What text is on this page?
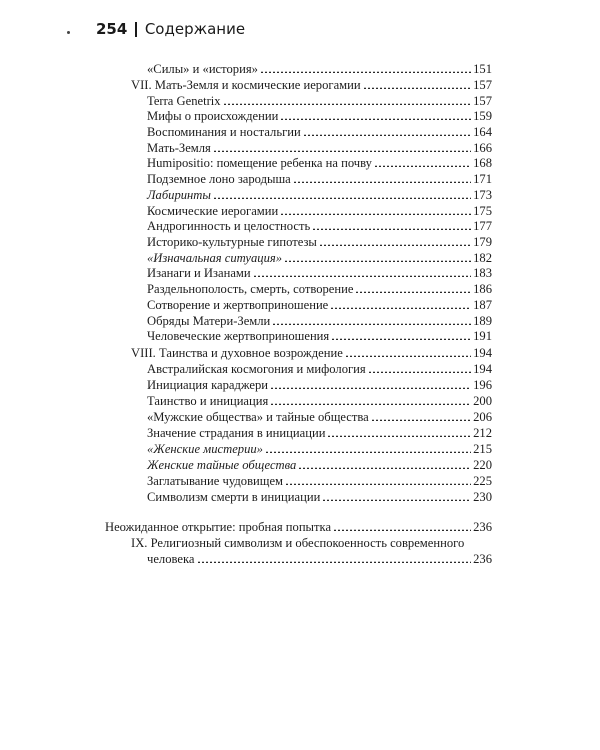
254 Содержание
«Силы» и «история»	151
VII. Мать-Земля и космические иерогамии	157
Terra Genetrix	157
Мифы о происхождении	159
Воспоминания и ностальгии	164
Мать-Земля	166
Humipositio: помещение ребенка на почву	168
Подземное лоно зародыша	171
Лабиринты	173
Космические иерогамии	175
Андрогинность и целостность	177
Историко-культурные гипотезы	179
«Изначальная ситуация»	182
Изанаги и Изанами	183
Раздельнополость, смерть, сотворение	186
Сотворение и жертвоприношение	187
Обряды Матери-Земли	189
Человеческие жертвоприношения	191
VIII. Таинства и духовное возрождение	194
Австралийская космогония и мифология	194
Инициация караджери	196
Таинство и инициация	200
«Мужские общества» и тайные общества	206
Значение страдания в инициации	212
«Женские мистерии»	215
Женские тайные общества	220
Заглатывание чудовищем	225
Символизм смерти в инициации	230
Неожиданное открытие: пробная попытка	236
IX. Религиозный символизм и обеспокоенность современного
человека	236
